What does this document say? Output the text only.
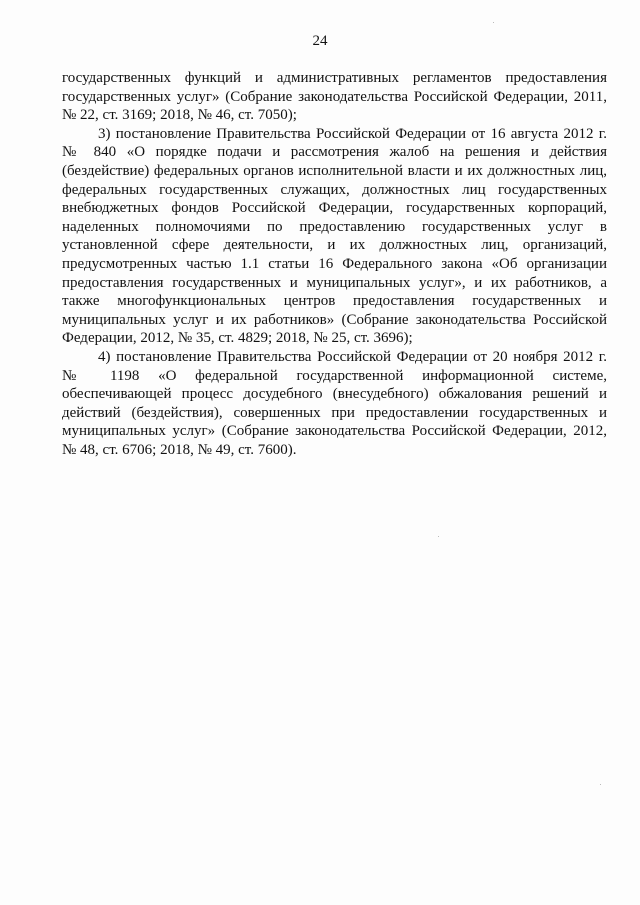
24

государственных функций и административных регламентов предоставления государственных услуг» (Собрание законодательства Российской Федерации, 2011, № 22, ст. 3169; 2018, № 46, ст. 7050);

3) постановление Правительства Российской Федерации от 16 августа 2012 г. № 840 «О порядке подачи и рассмотрения жалоб на решения и действия (бездействие) федеральных органов исполнительной власти и их должностных лиц, федеральных государственных служащих, должностных лиц государственных внебюджетных фондов Российской Федерации, государственных корпораций, наделенных полномочиями по предоставлению государственных услуг в установленной сфере деятельности, и их должностных лиц, организаций, предусмотренных частью 1.1 статьи 16 Федерального закона «Об организации предоставления государственных и муниципальных услуг», и их работников, а также многофункциональных центров предоставления государственных и муниципальных услуг и их работников» (Собрание законодательства Российской Федерации, 2012, № 35, ст. 4829; 2018, № 25, ст. 3696);

4) постановление Правительства Российской Федерации от 20 ноября 2012 г. № 1198 «О федеральной государственной информационной системе, обеспечивающей процесс досудебного (внесудебного) обжалования решений и действий (бездействия), совершенных при предоставлении государственных и муниципальных услуг» (Собрание законодательства Российской Федерации, 2012, № 48, ст. 6706; 2018, № 49, ст. 7600).
